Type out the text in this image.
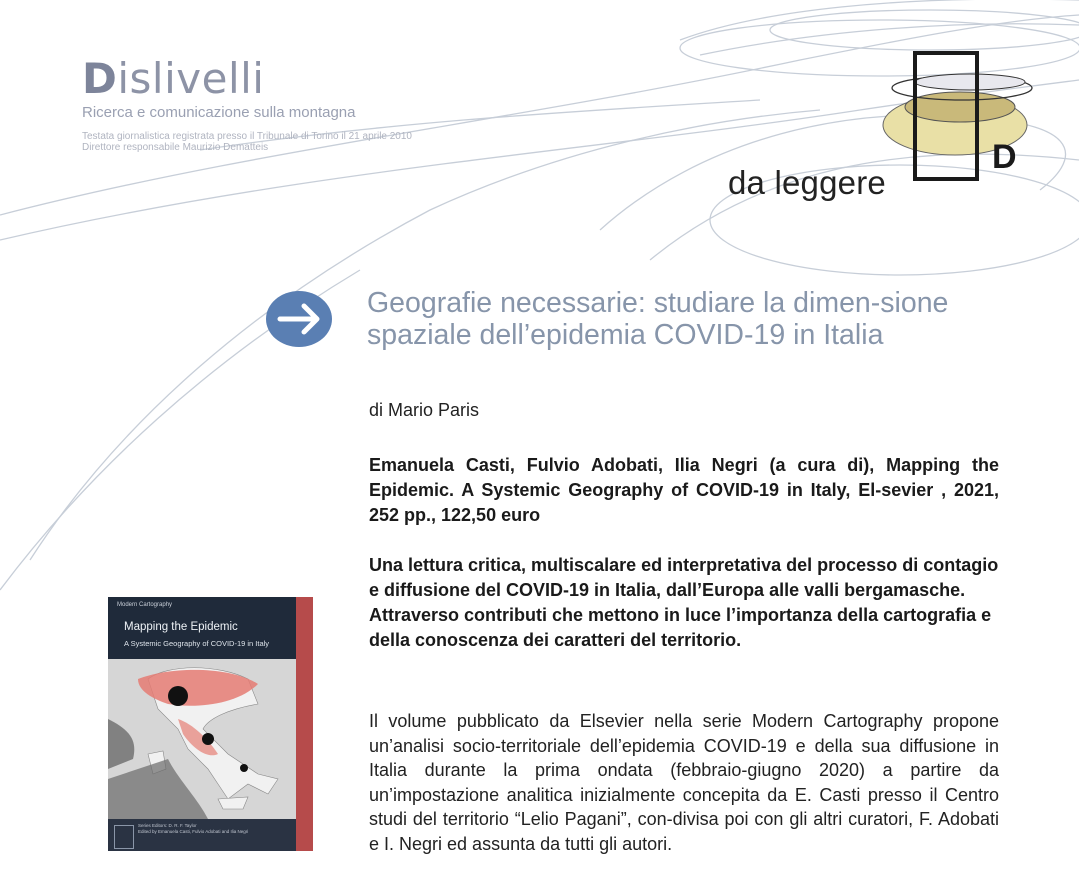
Dislivelli
Ricerca e comunicazione sulla montagna
Testata giornalistica registrata presso il Tribunale di Torino il 21 aprile 2010
Direttore responsabile Maurizio Dematteis	D
da leggere
Geografie necessarie: studiare la dimen-sione spaziale dell’epidemia COVID-19 in Italia
di Mario Paris
Emanuela Casti, Fulvio Adobati, Ilia Negri (a cura di), Mapping the Epidemic. A Systemic Geography of COVID-19 in Italy, El-sevier , 2021, 252 pp., 122,50 euro
Una lettura critica, multiscalare ed interpretativa del processo di contagio e diffusione del COVID-19 in Italia, dall’Europa alle valli bergamasche. Attraverso contributi che mettono in luce l’importanza della cartografia e della conoscenza dei caratteri del territorio.
Il volume pubblicato da Elsevier nella serie Modern Cartography propone un’analisi socio-territoriale dell’epidemia COVID-19 e della sua diffusione in Italia durante la prima ondata (febbraio-giugno 2020) a partire da un’impostazione analitica inizialmente concepita da E. Casti presso il Centro studi del territorio “Lelio Pagani”, con-divisa poi con gli altri curatori, F. Adobati e I. Negri ed assunta da tutti gli autori.
Modern Cartography
Mapping the Epidemic
A Systemic Geography of COVID-19 in Italy
Series Editors: D. R. F. Taylor
Edited by Emanuela Casti, Fulvio Adobati and Ilia Negri
